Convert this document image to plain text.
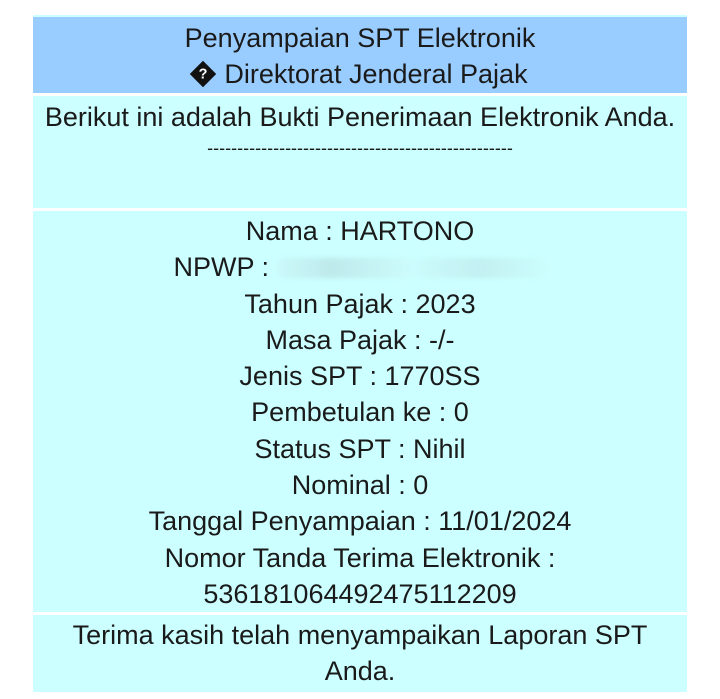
Penyampaian SPT Elektronik
?Direktorat Jenderal Pajak
Berikut ini adalah Bukti Penerimaan Elektronik Anda.
---------------------------------------------------
Nama : HARTONO
NPWP :
Tahun Pajak : 2023
Masa Pajak : -/-
Jenis SPT : 1770SS
Pembetulan ke : 0
Status SPT : Nihil
Nominal : 0
Tanggal Penyampaian : 11/01/2024
Nomor Tanda Terima Elektronik :
536181064492475112209
Terima kasih telah menyampaikan Laporan SPT Anda.
